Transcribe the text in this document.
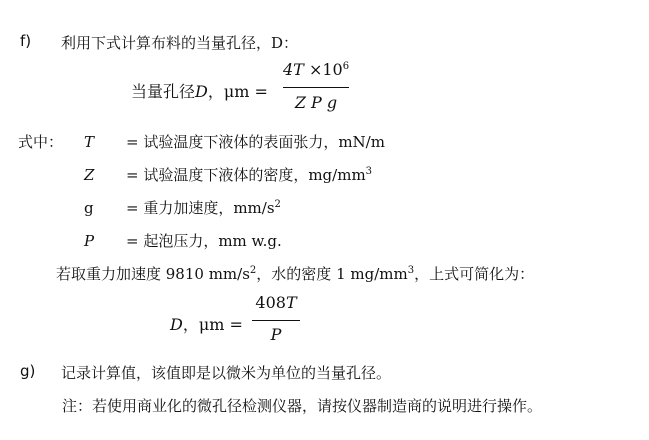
f) 利用下式计算布料的当量孔径，D：
当量孔径D，μm =
$4T \times 10^6$
Z P g
式中： T = 试验温度下液体的表面张力，mN/m
Z = 试验温度下液体的密度，$mg/mm^3$
g = 重力加速度，$mm/s^2$
P = 起泡压力，mm w.g.
若取重力加速度 9810 $mm/s^2$，水的密度 1 $mg/mm^3$，上式可简化为：
D，μm =
408T
P
g) 记录计算值，该值即是以微米为单位的当量孔径。
注：若使用商业化的微孔径检测仪器，请按仪器制造商的说明进行操作。
